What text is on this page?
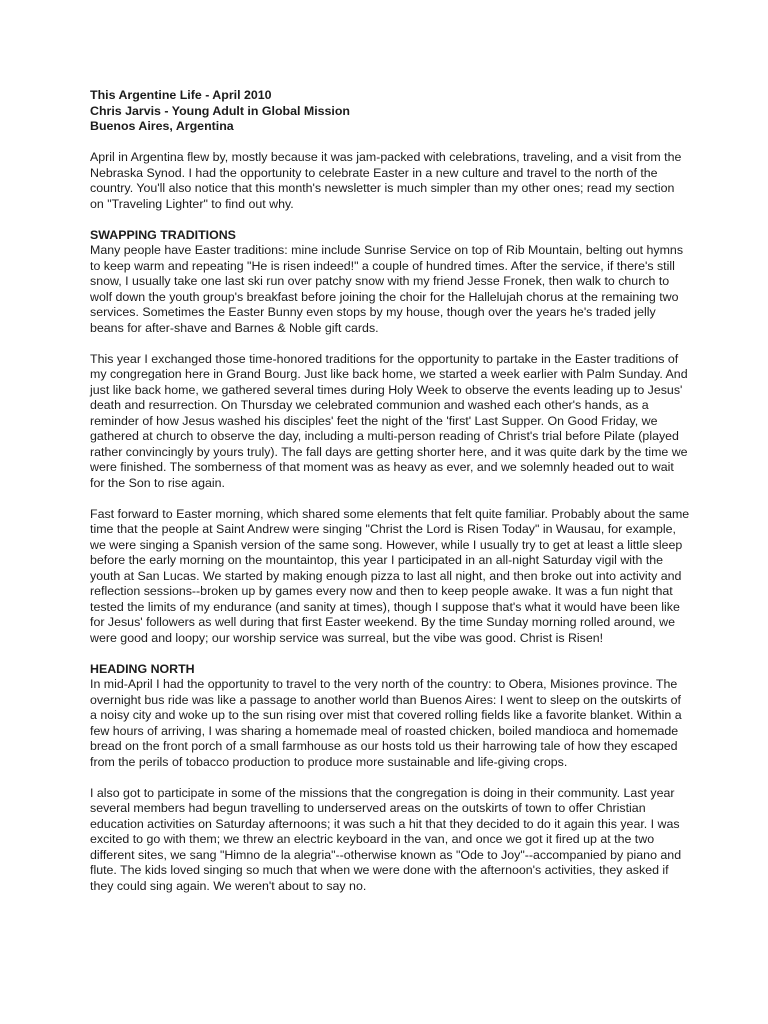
This Argentine Life - April 2010

Chris Jarvis - Young Adult in Global Mission

Buenos Aires, Argentina

April in Argentina flew by, mostly because it was jam-packed with celebrations, traveling, and a visit from the Nebraska Synod. I had the opportunity to celebrate Easter in a new culture and travel to the north of the country. You'll also notice that this month's newsletter is much simpler than my other ones; read my section on "Traveling Lighter" to find out why.

SWAPPING TRADITIONS

Many people have Easter traditions: mine include Sunrise Service on top of Rib Mountain, belting out hymns to keep warm and repeating "He is risen indeed!" a couple of hundred times. After the service, if there's still snow, I usually take one last ski run over patchy snow with my friend Jesse Fronek, then walk to church to wolf down the youth group's breakfast before joining the choir for the Hallelujah chorus at the remaining two services. Sometimes the Easter Bunny even stops by my house, though over the years he's traded jelly beans for after-shave and Barnes & Noble gift cards.

This year I exchanged those time-honored traditions for the opportunity to partake in the Easter traditions of my congregation here in Grand Bourg. Just like back home, we started a week earlier with Palm Sunday. And just like back home, we gathered several times during Holy Week to observe the events leading up to Jesus' death and resurrection. On Thursday we celebrated communion and washed each other's hands, as a reminder of how Jesus washed his disciples' feet the night of the 'first' Last Supper. On Good Friday, we gathered at church to observe the day, including a multi-person reading of Christ's trial before Pilate (played rather convincingly by yours truly). The fall days are getting shorter here, and it was quite dark by the time we were finished. The somberness of that moment was as heavy as ever, and we solemnly headed out to wait for the Son to rise again.

Fast forward to Easter morning, which shared some elements that felt quite familiar. Probably about the same time that the people at Saint Andrew were singing "Christ the Lord is Risen Today" in Wausau, for example, we were singing a Spanish version of the same song. However, while I usually try to get at least a little sleep before the early morning on the mountaintop, this year I participated in an all-night Saturday vigil with the youth at San Lucas. We started by making enough pizza to last all night, and then broke out into activity and reflection sessions--broken up by games every now and then to keep people awake. It was a fun night that tested the limits of my endurance (and sanity at times), though I suppose that's what it would have been like for Jesus' followers as well during that first Easter weekend. By the time Sunday morning rolled around, we were good and loopy; our worship service was surreal, but the vibe was good. Christ is Risen!

HEADING NORTH

In mid-April I had the opportunity to travel to the very north of the country: to Obera, Misiones province. The overnight bus ride was like a passage to another world than Buenos Aires: I went to sleep on the outskirts of a noisy city and woke up to the sun rising over mist that covered rolling fields like a favorite blanket. Within a few hours of arriving, I was sharing a homemade meal of roasted chicken, boiled mandioca and homemade bread on the front porch of a small farmhouse as our hosts told us their harrowing tale of how they escaped from the perils of tobacco production to produce more sustainable and life-giving crops.

I also got to participate in some of the missions that the congregation is doing in their community. Last year several members had begun travelling to underserved areas on the outskirts of town to offer Christian education activities on Saturday afternoons; it was such a hit that they decided to do it again this year. I was excited to go with them; we threw an electric keyboard in the van, and once we got it fired up at the two different sites, we sang "Himno de la alegria"--otherwise known as "Ode to Joy"--accompanied by piano and flute. The kids loved singing so much that when we were done with the afternoon's activities, they asked if they could sing again. We weren't about to say no.
